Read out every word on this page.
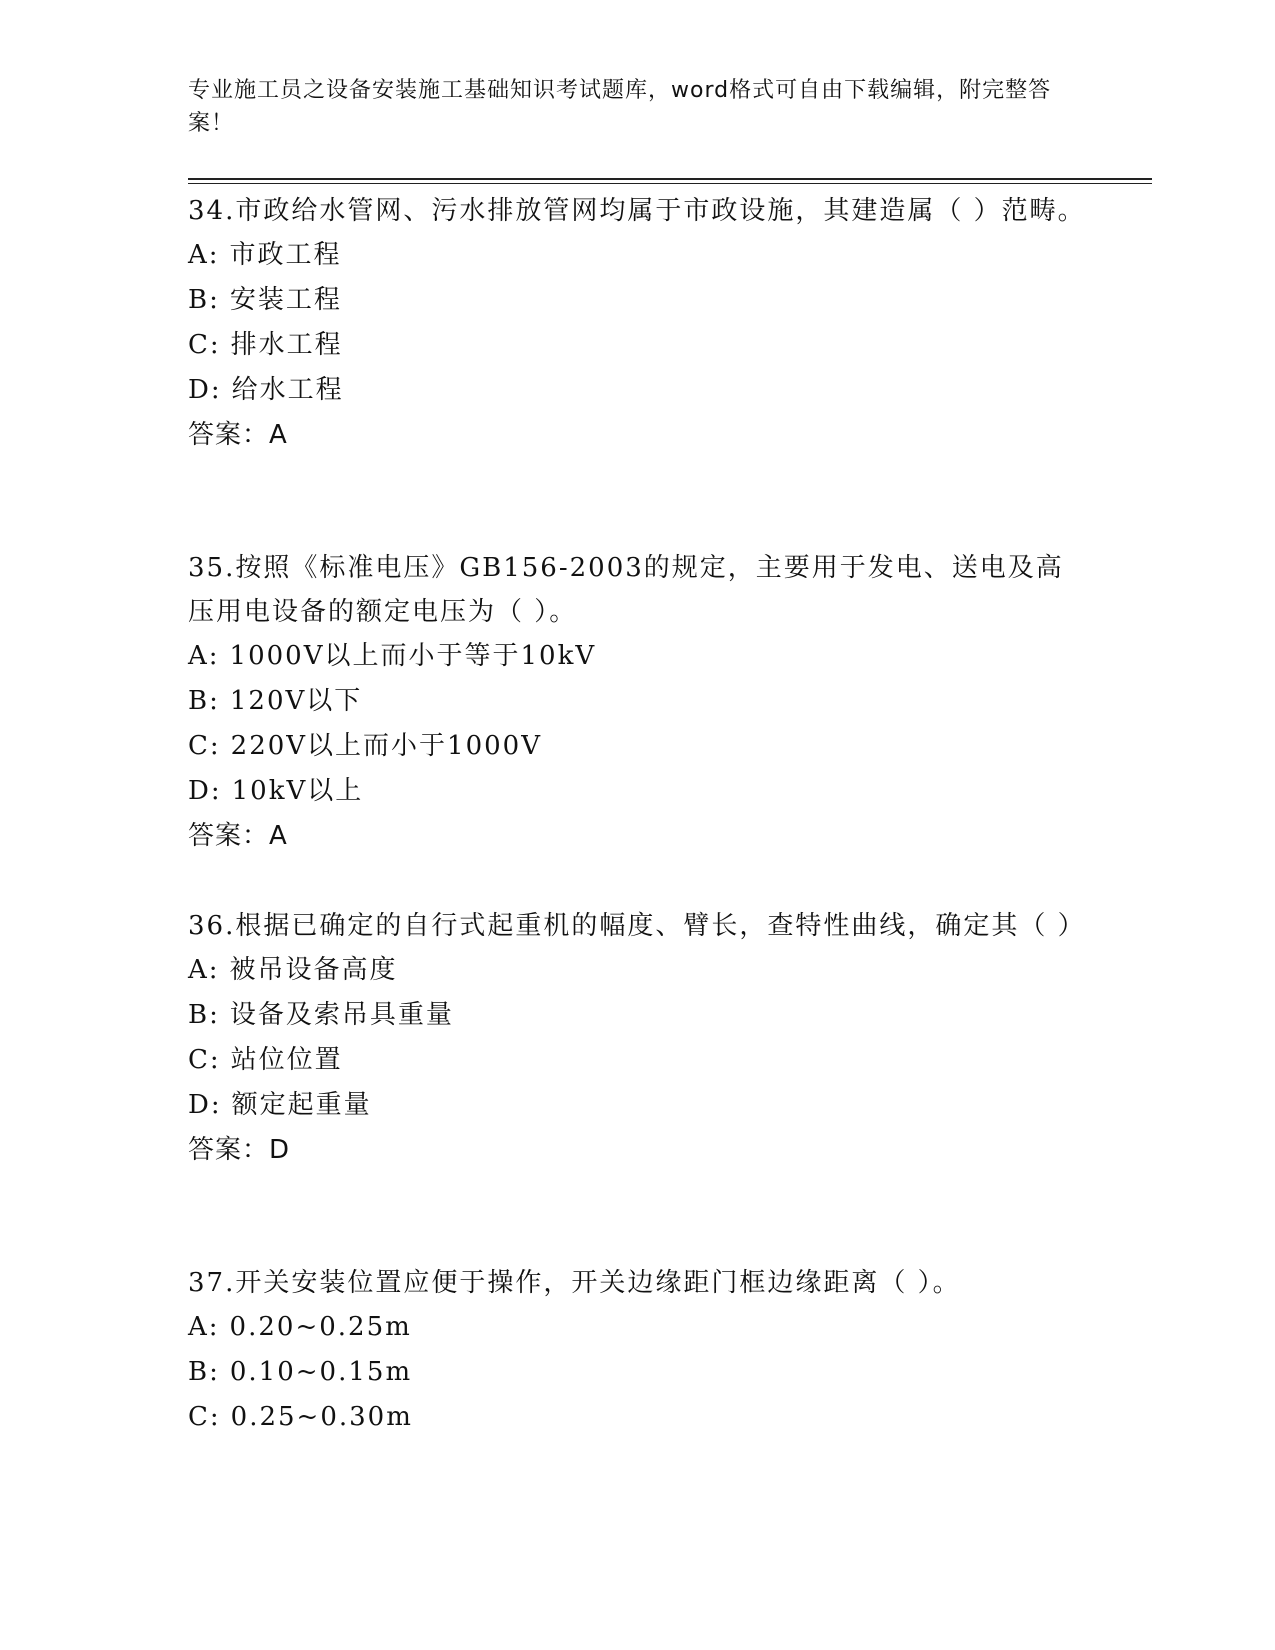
专业施工员之设备安装施工基础知识考试题库，word格式可自由下载编辑，附完整答案！
34.市政给水管网、污水排放管网均属于市政设施，其建造属（ ）范畴。
A: 市政工程
B: 安装工程
C: 排水工程
D: 给水工程
答案：A
35.按照《标准电压》GB156-2003的规定，主要用于发电、送电及高压用电设备的额定电压为（ ）。
A: 1000V以上而小于等于10kV
B: 120V以下
C: 220V以上而小于1000V
D: 10kV以上
答案：A
36.根据已确定的自行式起重机的幅度、臂长，查特性曲线，确定其（ ）
A: 被吊设备高度
B: 设备及索吊具重量
C: 站位位置
D: 额定起重量
答案：D
37.开关安装位置应便于操作，开关边缘距门框边缘距离（ ）。
A: 0.20~0.25m
B: 0.10~0.15m
C: 0.25~0.30m
